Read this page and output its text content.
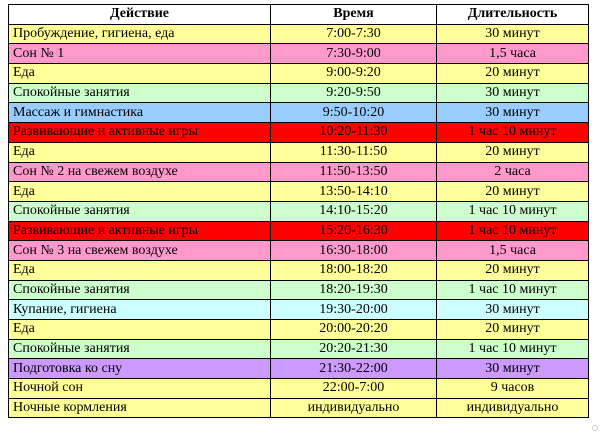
Действие	Время	Длительность
Пробуждение, гигиена, еда	7:00-7:30	30 минут
Сон № 1	7:30-9:00	1,5 часа
Еда	9:00-9:20	20 минут
Спокойные занятия	9:20-9:50	30 минут
Массаж и гимнастика	9:50-10:20	30 минут
Развивающие и активные игры	10:20-11:30	1 час 10 минут
Еда	11:30-11:50	20 минут
Сон № 2 на свежем воздухе	11:50-13:50	2 часа
Еда	13:50-14:10	20 минут
Спокойные занятия	14:10-15:20	1 час 10 минут
Развивающие и активные игры	15:20-16:30	1 час 10 минут
Сон № 3 на свежем воздухе	16:30-18:00	1,5 часа
Еда	18:00-18:20	20 минут
Спокойные занятия	18:20-19:30	1 час 10 минут
Купание, гигиена	19:30-20:00	30 минут
Еда	20:00-20:20	20 минут
Спокойные занятия	20:20-21:30	1 час 10 минут
Подготовка ко сну	21:30-22:00	30 минут
Ночной сон	22:00-7:00	9 часов
Ночные кормления	индивидуально	индивидуально
